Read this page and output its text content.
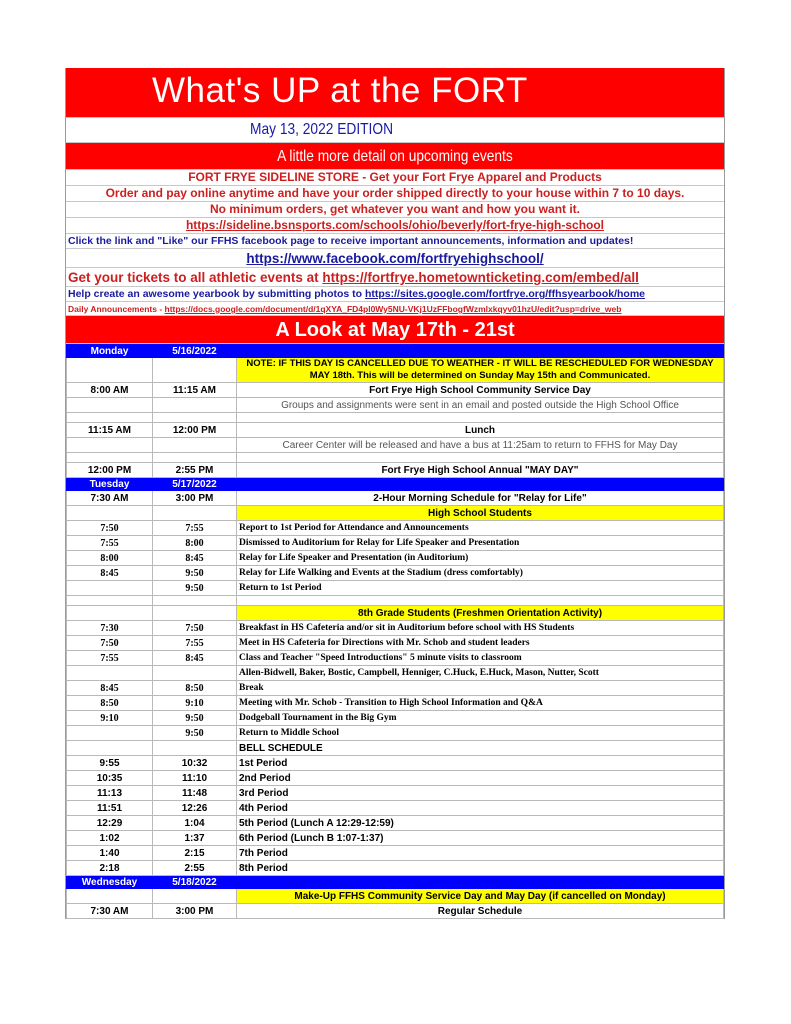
What's UP at the FORT
May 13, 2022 EDITION
A little more detail on upcoming events
FORT FRYE SIDELINE STORE - Get your Fort Frye Apparel and Products
Order and pay online anytime and have your order shipped directly to your house within 7 to 10 days.
No minimum orders, get whatever you want and how you want it.
https://sideline.bsnsports.com/schools/ohio/beverly/fort-frye-high-school
Click the link and "Like" our FFHS facebook page to receive important announcements, information and updates!
https://www.facebook.com/fortfryehighschool/
Get your tickets to all athletic events at https://fortfrye.hometownticketing.com/embed/all
Help create an awesome yearbook by submitting photos to https://sites.google.com/fortfrye.org/ffhsyearbook/home
Daily Announcements - https://docs.google.com/document/d/1qXYA_FD4pI0Wy5NU-VKj1UzFFbogfWzmlxkqyv01hzU/edit?usp=drive_web
A Look at May 17th - 21st
Monday	5/16/2022	
		NOTE: IF THIS DAY IS CANCELLED DUE TO WEATHER - IT WILL BE RESCHEDULED FOR WEDNESDAY MAY 18th. This will be determined on Sunday May 15th and Communicated.
8:00 AM	11:15 AM	Fort Frye High School Community Service Day
		Groups and assignments were sent in an email and posted outside the High School Office

11:15 AM	12:00 PM	Lunch
		Career Center will be released and have a bus at 11:25am to return to FFHS for May Day

12:00 PM	2:55 PM	Fort Frye High School Annual "MAY DAY"
Tuesday	5/17/2022	
7:30 AM	3:00 PM	2-Hour Morning Schedule for "Relay for Life"
		High School Students
7:50	7:55	Report to 1st Period for Attendance and Announcements
7:55	8:00	Dismissed to Auditorium for Relay for Life Speaker and Presentation
8:00	8:45	Relay for Life Speaker and Presentation (in Auditorium)
8:45	9:50	Relay for Life Walking and Events at the Stadium (dress comfortably)
	9:50	Return to 1st Period

		8th Grade Students (Freshmen Orientation Activity)
7:30	7:50	Breakfast in HS Cafeteria and/or sit in Auditorium before school with HS Students
7:50	7:55	Meet in HS Cafeteria for Directions with Mr. Schob and student leaders
7:55	8:45	Class and Teacher "Speed Introductions" 5 minute visits to classroom
		Allen-Bidwell, Baker, Bostic, Campbell, Henniger, C.Huck, E.Huck, Mason, Nutter, Scott
8:45	8:50	Break
8:50	9:10	Meeting with Mr. Schob - Transition to High School Information and Q&A
9:10	9:50	Dodgeball Tournament in the Big Gym
	9:50	Return to Middle School
		BELL SCHEDULE
9:55	10:32	1st Period
10:35	11:10	2nd Period
11:13	11:48	3rd Period
11:51	12:26	4th Period
12:29	1:04	5th Period (Lunch A 12:29-12:59)
1:02	1:37	6th Period (Lunch B 1:07-1:37)
1:40	2:15	7th Period
2:18	2:55	8th Period
Wednesday	5/18/2022	
		Make-Up FFHS Community Service Day and May Day (if cancelled on Monday)
7:30 AM	3:00 PM	Regular Schedule
